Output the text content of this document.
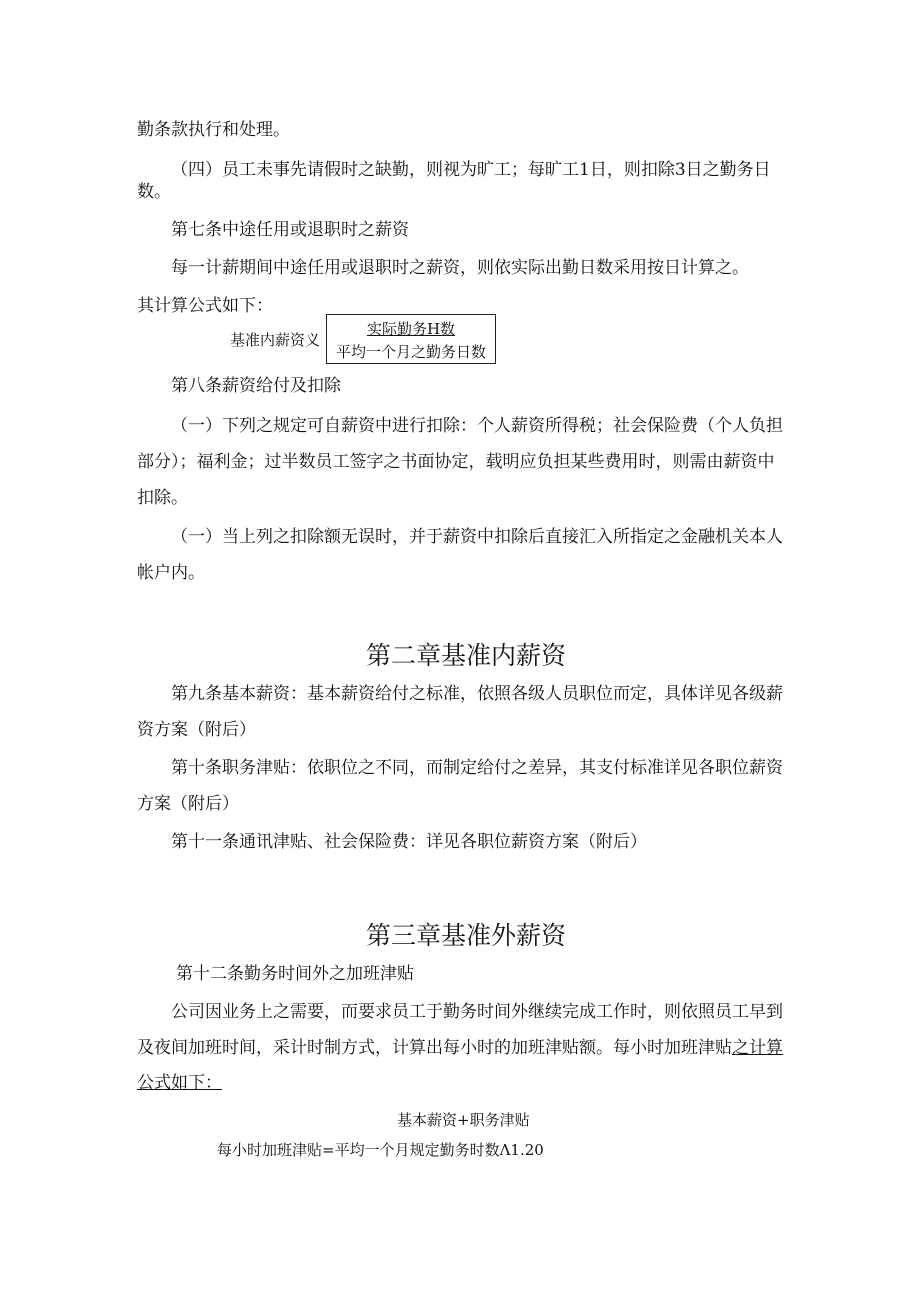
勤条款执行和处理。
（四）员工未事先请假时之缺勤，则视为旷工；每旷工1日，则扣除3日之勤务日
数。
第七条中途任用或退职时之薪资
每一计薪期间中途任用或退职时之薪资，则依实际出勤日数采用按日计算之。
其计算公式如下：
基准内薪资义
实际勤务H数
平均一个月之勤务日数
第八条薪资给付及扣除
（一）下列之规定可自薪资中进行扣除：个人薪资所得税；社会保险费（个人负担
部分）；福利金；过半数员工签字之书面协定，载明应负担某些费用时，则需由薪资中
扣除。
（一）当上列之扣除额无误时，并于薪资中扣除后直接汇入所指定之金融机关本人
帐户内。
第二章基准内薪资
第九条基本薪资：基本薪资给付之标准，依照各级人员职位而定，具体详见各级薪
资方案（附后）
第十条职务津贴：依职位之不同，而制定给付之差异，其支付标准详见各职位薪资
方案（附后）
第十一条通讯津贴、社会保险费：详见各职位薪资方案（附后）
第三章基准外薪资
第十二条勤务时间外之加班津贴
公司因业务上之需要，而要求员工于勤务时间外继续完成工作时，则依照员工早到
及夜间加班时间，采计时制方式，计算出每小时的加班津贴额。每小时加班津贴之计算
公式如下：
基本薪资+职务津贴
每小时加班津贴=平均一个月规定勤务时数Λ1.20
